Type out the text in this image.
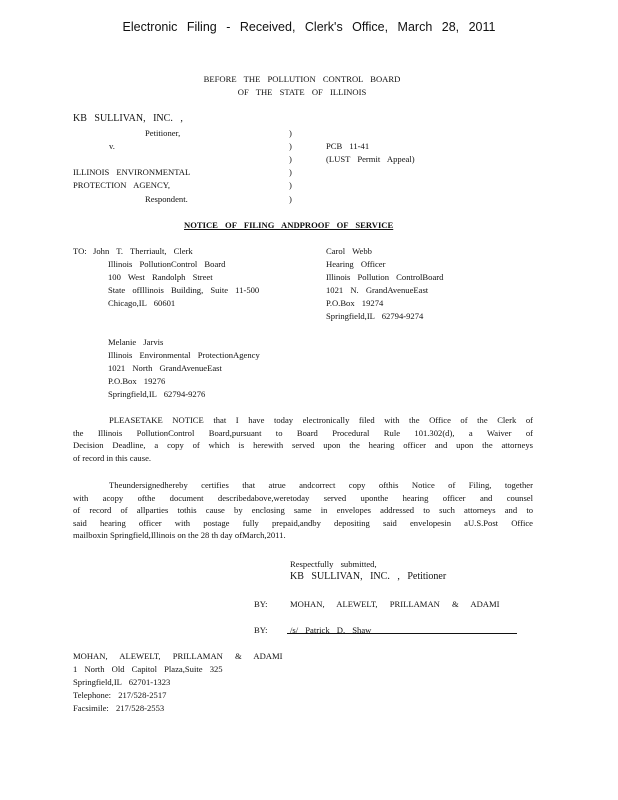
Electronic Filing - Received, Clerk's Office, March 28, 2011
BEFORE THE POLLUTION CONTROL BOARD
OF THE STATE OF ILLINOIS
KB SULLIVAN, INC. ,
Petitioner,
v.
ILLINOIS ENVIRONMENTAL
PROTECTION AGENCY,
Respondent.
)
)
)
)
)
)
PCB 11-41
(LUST Permit Appeal)
NOTICE OF FILING ANDPROOF OF SERVICE
TO: John T. Therriault, Clerk
Illinois PollutionControl Board
100 West Randolph Street
State ofIllinois Building, Suite 11-500
Chicago,IL 60601
Carol Webb
Hearing Officer
Illinois Pollution ControlBoard
1021 N. GrandAvenueEast
P.O.Box 19274
Springfield,IL 62794-9274
Melanie Jarvis
Illinois Environmental ProtectionAgency
1021 North GrandAvenueEast
P.O.Box 19276
Springfield,IL 62794-9276
PLEASETAKE NOTICE that I have today electronically filed with the Office of the Clerk of
the Illinois PollutionControl Board,pursuant to Board Procedural Rule 101.302(d), a Waiver of
Decision Deadline, a copy of which is herewith served upon the hearing officer and upon the attorneys
of record in this cause.
Theundersignedhereby certifies that atrue andcorrect copy ofthis Notice of Filing, together
with acopy ofthe document describedabove,weretoday served uponthe hearing officer and counsel
of record of allparties tothis cause by enclosing same in envelopes addressed to such attorneys and to
said hearing officer with postage fully prepaid,andby depositing said envelopesin aU.S.Post Office
mailboxin Springfield,Illinois on the 28 th day ofMarch,2011.
Respectfully submitted,
KB SULLIVAN, INC. , Petitioner
BY:	MOHAN, ALEWELT, PRILLAMAN & ADAMI
BY:	/s/ Patrick D. Shaw
MOHAN, ALEWELT, PRILLAMAN & ADAMI
1 North Old Capitol Plaza,Suite 325
Springfield,IL 62701-1323
Telephone: 217/528-2517
Facsimile: 217/528-2553
